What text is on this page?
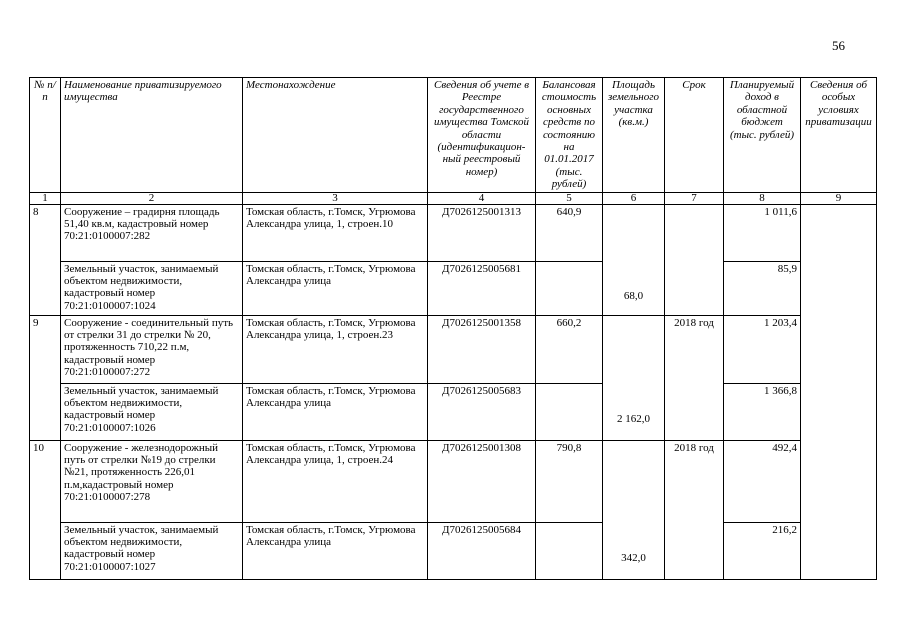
56
№ п/п	Наименование приватизируемого имущества	Местонахождение	Сведения об учете в Реестре государственного имущества Томской области (идентификацион- ный реестровый номер)	Балансовая стоимость основных средств по состоянию на 01.01.2017 (тыс. рублей)	Площадь земельного участка (кв.м.)	Срок	Планируемый доход в областной бюджет (тыс. рублей)	Сведения об особых условиях приватизации
1	2	3	4	5	6	7	8	9
8	Сооружение – градирня площадь 51,40 кв.м, кадастровый номер 70:21:0100007:282	Томская область, г.Томск, Угрюмова Александра улица, 1, строен.10	Д7026125001313	640,9	68,0		1 011,6	
	Земельный участок, занимаемый объектом недвижимости, кадастровый номер 70:21:0100007:1024	Томская область, г.Томск, Угрюмова Александра улица	Д7026125005681				85,9	
9	Сооружение - соединительный путь от стрелки 31 до стрелки № 20, протяженность 710,22 п.м, кадастровый номер 70:21:0100007:272	Томская область, г.Томск, Угрюмова Александра улица, 1, строен.23	Д7026125001358	660,2	2 162,0	2018 год	1 203,4	
	Земельный участок, занимаемый объектом недвижимости, кадастровый номер 70:21:0100007:1026	Томская область, г.Томск, Угрюмова Александра улица	Д7026125005683				1 366,8	
10	Сооружение - железнодорожный путь от стрелки №19 до стрелки №21, протяженность 226,01 п.м,кадастровый номер 70:21:0100007:278	Томская область, г.Томск, Угрюмова Александра улица, 1, строен.24	Д7026125001308	790,8	342,0	2018 год	492,4	
	Земельный участок, занимаемый объектом недвижимости, кадастровый номер 70:21:0100007:1027	Томская область, г.Томск, Угрюмова Александра улица	Д7026125005684				216,2	
